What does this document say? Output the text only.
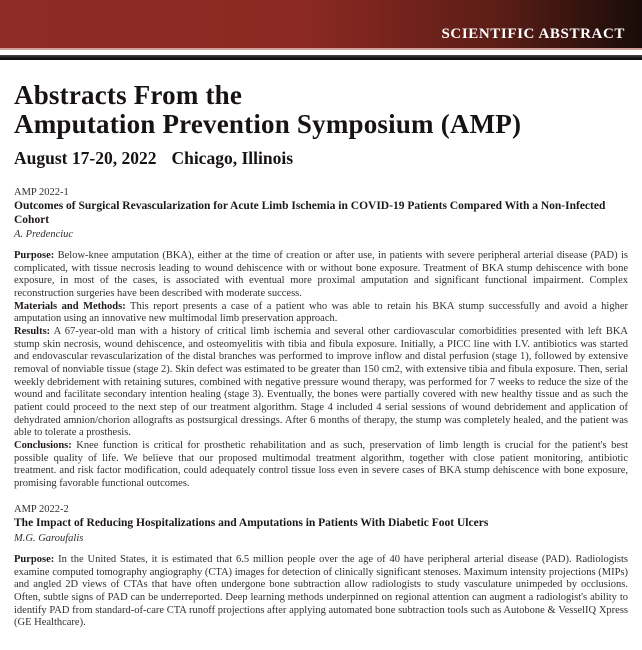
SCIENTIFIC ABSTRACT
Abstracts From the
Amputation Prevention Symposium (AMP)
August 17-20, 2022 Chicago, Illinois
AMP 2022-1
Outcomes of Surgical Revascularization for Acute Limb Ischemia in COVID-19 Patients Compared With a Non-Infected Cohort
A. Predenciuc

Purpose: Below-knee amputation (BKA), either at the time of creation or after use, in patients with severe peripheral arterial disease (PAD) is complicated, with tissue necrosis leading to wound dehiscence with or without bone exposure. Treatment of BKA stump dehiscence with bone exposure, in most of the cases, is associated with eventual more proximal amputation and significant functional impairment. Complex reconstruction surgeries have been described with moderate success.

Materials and Methods: This report presents a case of a patient who was able to retain his BKA stump successfully and avoid a higher amputation using an innovative new multimodal limb preservation approach.

Results: A 67-year-old man with a history of critical limb ischemia and several other cardiovascular comorbidities presented with left BKA stump skin necrosis, wound dehiscence, and osteomyelitis with tibia and fibula exposure. Initially, a PICC line with I.V. antibiotics was started and endovascular revascularization of the distal branches was performed to improve inflow and distal perfusion (stage 1), followed by extensive removal of nonviable tissue (stage 2). Skin defect was estimated to be greater than 150 cm2, with extensive tibia and fibula exposure. Then, serial weekly debridement with retaining sutures, combined with negative pressure wound therapy, was performed for 7 weeks to reduce the size of the wound and facilitate secondary intention healing (stage 3). Eventually, the bones were partially covered with new healthy tissue and as such the patient could proceed to the next step of our treatment algorithm. Stage 4 included 4 serial sessions of wound debridement and application of dehydrated amnion/chorion allografts as postsurgical dressings. After 6 months of therapy, the stump was completely healed, and the patient was able to tolerate a prosthesis.

Conclusions: Knee function is critical for prosthetic rehabilitation and as such, preservation of limb length is crucial for the patient's best possible quality of life. We believe that our proposed multimodal treatment algorithm, together with close patient monitoring, antibiotic treatment. and risk factor modification, could adequately control tissue loss even in severe cases of BKA stump dehiscence with bone exposure, promising favorable functional outcomes.

AMP 2022-2
The Impact of Reducing Hospitalizations and Amputations in Patients With Diabetic Foot Ulcers
M.G. Garoufalis

Purpose: In the United States, it is estimated that 6.5 million people over the age of 40 have peripheral arterial disease (PAD). Radiologists examine computed tomography angiography (CTA) images for detection of clinically significant stenoses. Maximum intensity projections (MIPs) and angled 2D views of CTAs that have often undergone bone subtraction allow radiologists to study vasculature unimpeded by occlusions. Often, subtle signs of PAD can be underreported. Deep learning methods underpinned on regional attention can augment a radiologist's ability to identify PAD from standard-of-care CTA runoff projections after applying automated bone subtraction tools such as Autobone & VesselIQ Xpress (GE Healthcare).
